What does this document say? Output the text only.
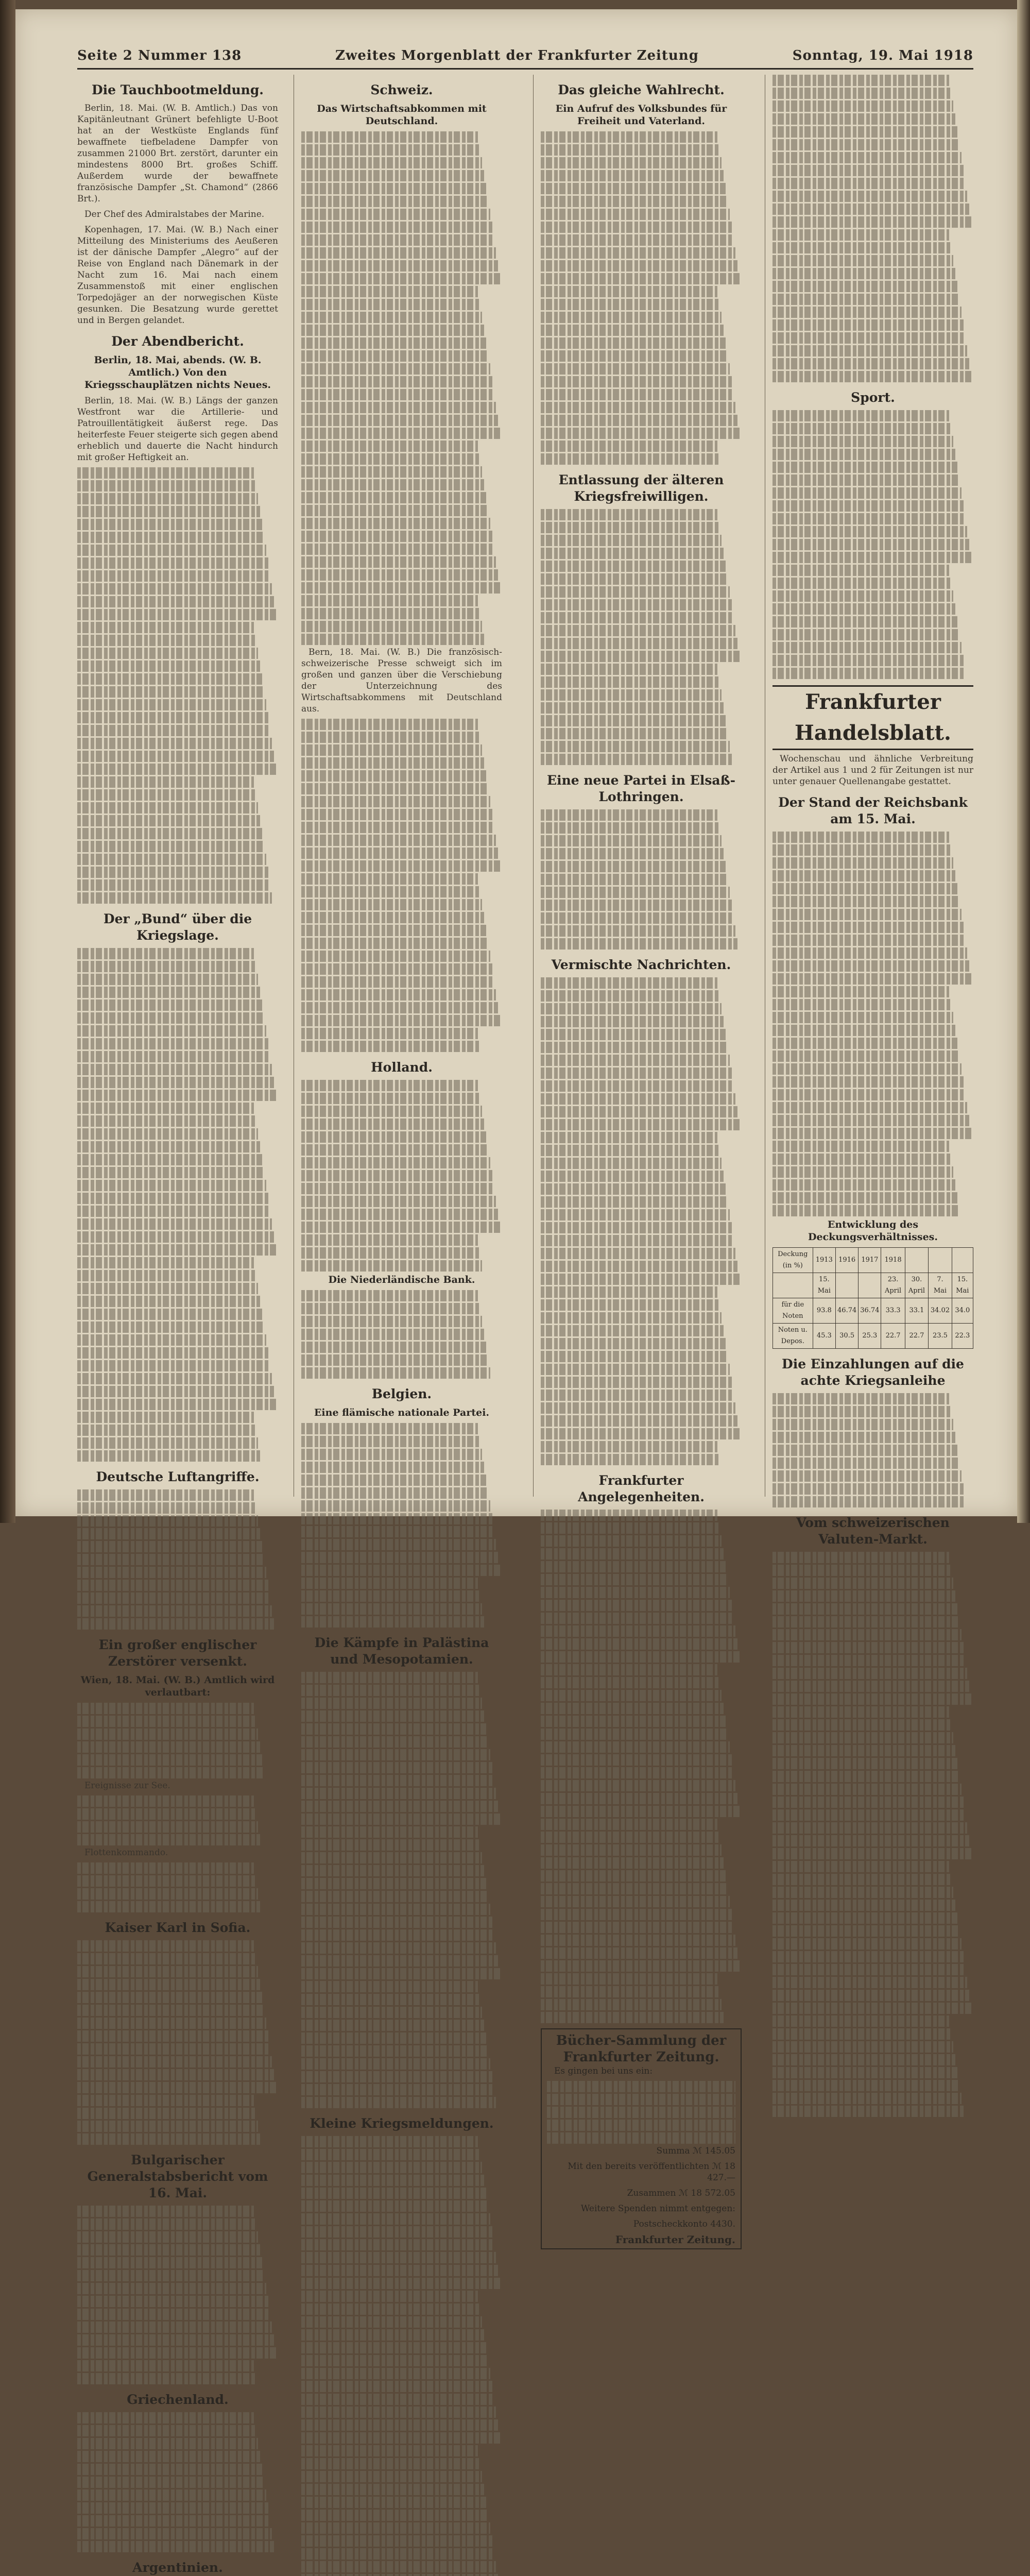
Seite 2 Nummer 138	Zweites Morgenblatt der Frankfurter Zeitung	Sonntag, 19. Mai 1918
Die Tauchbootmeldung.
Berlin, 18. Mai. (W. B. Amtlich.) Das von Kapitänleutnant Grünert befehligte U-Boot hat an der Westküste Englands fünf bewaffnete tiefbeladene Dampfer von zusammen 21000 Brt. zerstört, darunter ein mindestens 8000 Brt. großes Schiff. Außerdem wurde der bewaffnete französische Dampfer „St. Chamond“ (2866 Brt.).
Der Chef des Admiralstabes der Marine.
Kopenhagen, 17. Mai. (W. B.) Nach einer Mitteilung des Ministeriums des Aeußeren ist der dänische Dampfer „Alegro“ auf der Reise von England nach Dänemark in der Nacht zum 16. Mai nach einem Zusammenstoß mit einer englischen Torpedojäger an der norwegischen Küste gesunken. Die Besatzung wurde gerettet und in Bergen gelandet.
Der Abendbericht.
Berlin, 18. Mai, abends. (W. B. Amtlich.) Von den Kriegsschauplätzen nichts Neues.
Berlin, 18. Mai. (W. B.) Längs der ganzen Westfront war die Artillerie- und Patrouillentätigkeit äußerst rege. Das heiterfeste Feuer steigerte sich gegen abend erheblich und dauerte die Nacht hindurch mit großer Heftigkeit an.
Der „Bund“ über die Kriegslage.
Deutsche Luftangriffe.
Ein großer englischer Zerstörer versenkt.
Wien, 18. Mai. (W. B.) Amtlich wird verlautbart:
Ereignisse zur See.
Flottenkommando.
Kaiser Karl in Sofia.
Bulgarischer Generalstabsbericht vom 16. Mai.
Griechenland.
Argentinien.
Schweiz.
Das Wirtschaftsabkommen mit Deutschland.
Bern, 18. Mai. (W. B.) Die französisch-schweizerische Presse schweigt sich im großen und ganzen über die Verschiebung der Unterzeichnung des Wirtschaftsabkommens mit Deutschland aus.
Holland.
Die Niederländische Bank.
Belgien.
Eine flämische nationale Partei.
Die Kämpfe in Palästina und Mesopotamien.
Kleine Kriegsmeldungen.
Das gleiche Wahlrecht.
Ein Aufruf des Volksbundes für Freiheit und Vaterland.
Entlassung der älteren Kriegsfreiwilligen.
Eine neue Partei in Elsaß-Lothringen.
Vermischte Nachrichten.
Frankfurter Angelegenheiten.
Bücher-Sammlung der Frankfurter Zeitung.
Es gingen bei uns ein:
Summa ℳ 145.05
Mit den bereits veröffentlichten ℳ 18 427.—
Zusammen ℳ 18 572.05
Weitere Spenden nimmt entgegen:
Postscheckkonto 4430.
Frankfurter Zeitung.
Sport.
Frankfurter Handelsblatt.
Wochenschau und ähnliche Verbreitung der Artikel aus 1 und 2 für Zeitungen ist nur unter genauer Quellenangabe gestattet.
Der Stand der Reichsbank am 15. Mai.
Entwicklung des Deckungsverhältnisses.
Deckung (in %)	1913	1916	1917	1918			
	15. Mai			23. April	30. April	7. Mai	15. Mai
für die Noten	93.8	46.74	36.74	33.3	33.1	34.02	34.0
Noten u. Depos.	45.3	30.5	25.3	22.7	22.7	23.5	22.3
Die Einzahlungen auf die achte Kriegsanleihe
Vom schweizerischen Valuten-Markt.
